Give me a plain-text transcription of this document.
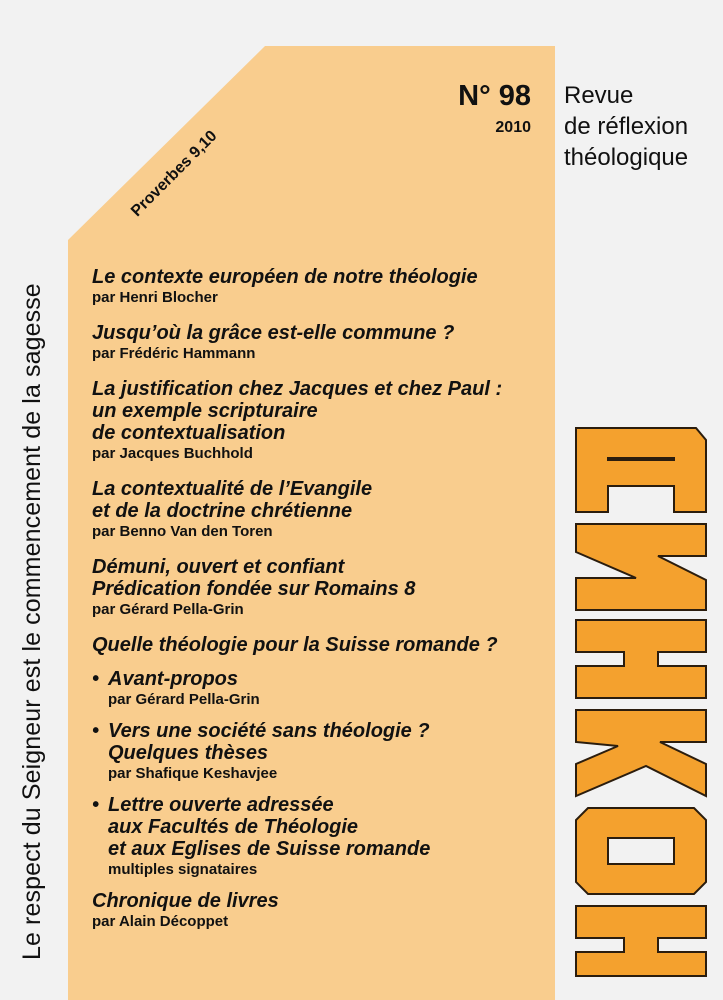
Le respect du Seigneur est le commencement de la sagesse
Proverbes 9,10
N° 98
2010
Revue
de réflexion
théologique
Le contexte européen de notre théologie
par Henri Blocher
Jusqu’où la grâce est-elle commune ?
par Frédéric Hammann
La justification chez Jacques et chez Paul :
un exemple scripturaire
de contextualisation
par Jacques Buchhold
La contextualité de l’Evangile
et de la doctrine chrétienne
par Benno Van den Toren
Démuni, ouvert et confiant
Prédication fondée sur Romains 8
par Gérard Pella-Grin
Quelle théologie pour la Suisse romande ?
• Avant-propos
par Gérard Pella-Grin
• Vers une société sans théologie ?
Quelques thèses
par Shafique Keshavjee
• Lettre ouverte adressée
aux Facultés de Théologie
et aux Eglises de Suisse romande
multiples signataires
Chronique de livres
par Alain Décoppet
